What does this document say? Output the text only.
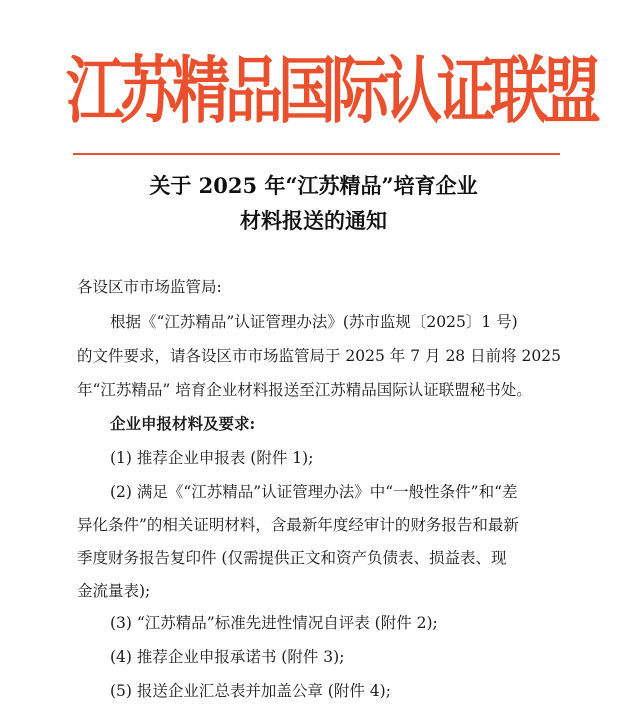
江苏精品国际认证联盟
关于 2025 年“江苏精品”培育企业
材料报送的通知
各设区市市场监管局:
根据《“江苏精品”认证管理办法》(苏市监规〔2025〕1 号)
的文件要求，请各设区市市场监管局于 2025 年 7 月 28 日前将 2025
年“江苏精品” 培育企业材料报送至江苏精品国际认证联盟秘书处。
企业申报材料及要求:
(1) 推荐企业申报表 (附件 1);
(2) 满足《“江苏精品”认证管理办法》中“一般性条件”和“差
异化条件”的相关证明材料，含最新年度经审计的财务报告和最新
季度财务报告复印件 (仅需提供正文和资产负债表、损益表、现
金流量表);
(3) “江苏精品”标准先进性情况自评表 (附件 2);
(4) 推荐企业申报承诺书 (附件 3);
(5) 报送企业汇总表并加盖公章 (附件 4);
